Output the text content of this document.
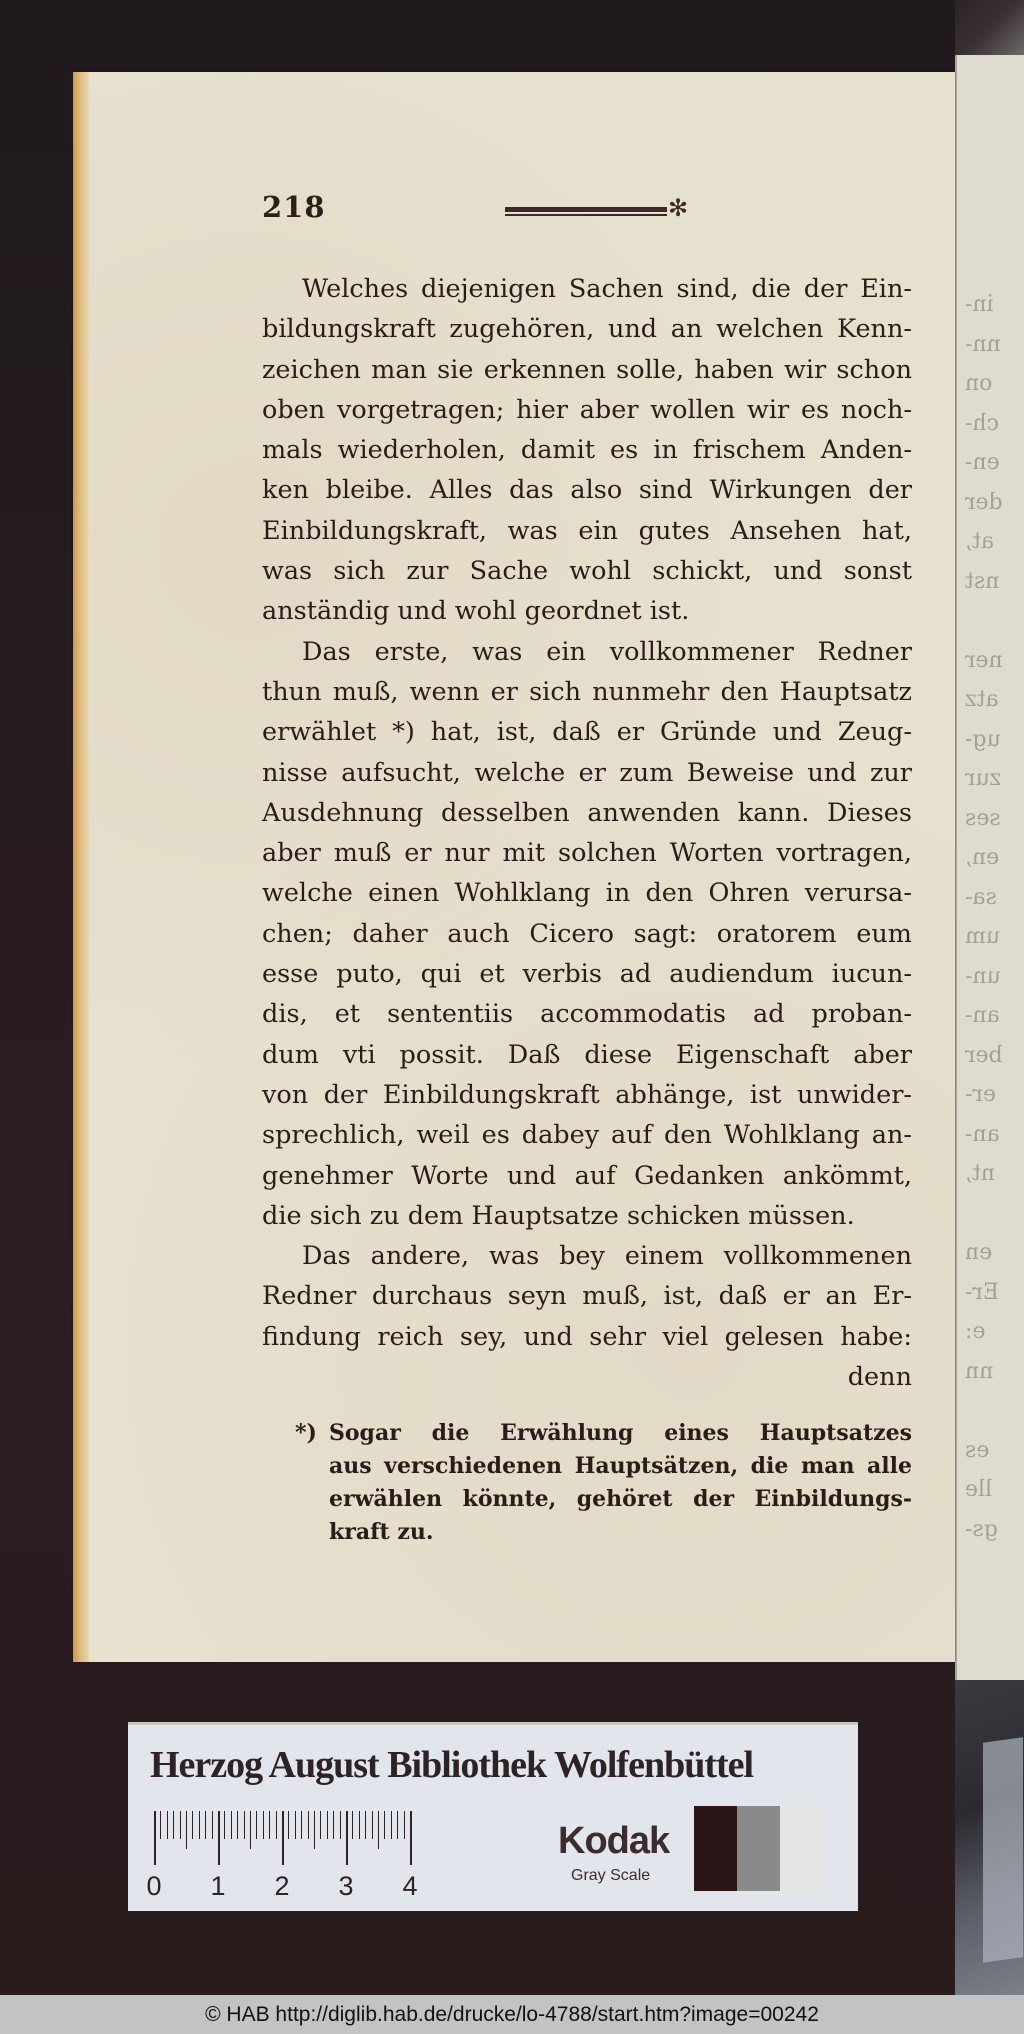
in-
nn-
on
ch-
en-
der
at,
nst
ner
atz
ug-
zur
ses
en,
sa-
um
un-
an-
ber
er-
an-
nt,
en
Er-
e:
nn
es
lle
gs-
218	✻
Welches diejenigen Sachen sind, die der Ein-
bildungskraft zugehören, und an welchen Kenn-
zeichen man sie erkennen solle, haben wir schon
oben vorgetragen; hier aber wollen wir es noch-
mals wiederholen, damit es in frischem Anden-
ken bleibe. Alles das also sind Wirkungen der
Einbildungskraft, was ein gutes Ansehen hat,
was sich zur Sache wohl schickt, und sonst
anständig und wohl geordnet ist.
Das erste, was ein vollkommener Redner
thun muß, wenn er sich nunmehr den Hauptsatz
erwählet *) hat, ist, daß er Gründe und Zeug-
nisse aufsucht, welche er zum Beweise und zur
Ausdehnung desselben anwenden kann. Dieses
aber muß er nur mit solchen Worten vortragen,
welche einen Wohlklang in den Ohren verursa-
chen; daher auch Cicero sagt: oratorem eum
esse puto, qui et verbis ad audiendum iucun-
dis, et sententiis accommodatis ad proban-
dum vti possit. Daß diese Eigenschaft aber
von der Einbildungskraft abhänge, ist unwider-
sprechlich, weil es dabey auf den Wohlklang an-
genehmer Worte und auf Gedanken ankömmt,
die sich zu dem Hauptsatze schicken müssen.
Das andere, was bey einem vollkommenen
Redner durchaus seyn muß, ist, daß er an Er-
findung reich sey, und sehr viel gelesen habe:
denn
*) Sogar die Erwählung eines Hauptsatzes
aus verschiedenen Hauptsätzen, die man alle
erwählen könnte, gehöret der Einbildungs-
kraft zu.
Herzog August Bibliothek Wolfenbüttel
0 1 2 3 4
Kodak
Gray Scale
© HAB http://diglib.hab.de/drucke/lo-4788/start.htm?image=00242
